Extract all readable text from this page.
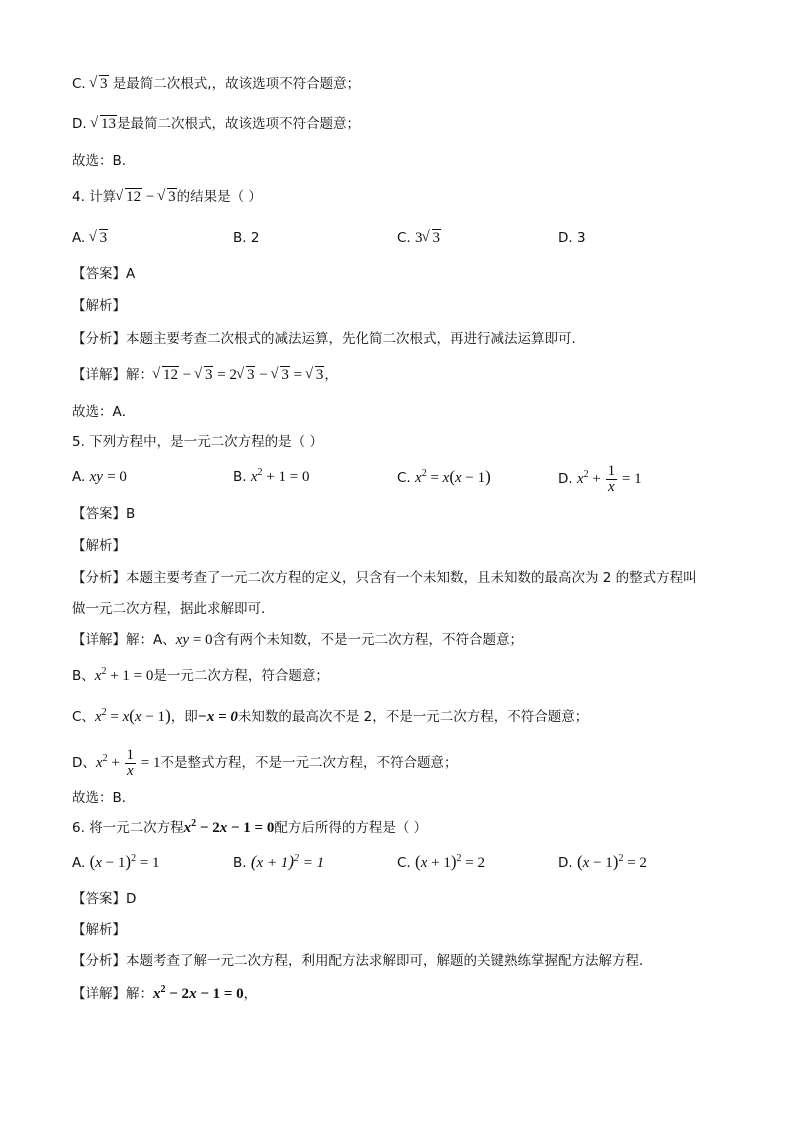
C. √ 3 是最简二次根式,，故该选项不符合题意；
D. √ 13是最简二次根式，故该选项不符合题意；
故选：B.
4. 计算 √ 12 − √ 3的结果是（ ）
A. √ 3	B. 2	C. 3 √ 3	D. 3
【答案】A
【解析】
【分析】本题主要考查二次根式的减法运算，先化简二次根式，再进行减法运算即可．
【详解】解： √ 12 − √ 3 = 2 √ 3 − √ 3 = √ 3，
故选：A．
5. 下列方程中，是一元二次方程的是（ ）
A. xy = 0	B. $x^2 + 1 = 0$	C. $x^2 = x(x - 1)$	D. $x^2 + \frac{1}{x} = 1$
【答案】B
【解析】
【分析】本题主要考查了一元二次方程的定义，只含有一个未知数，且未知数的最高次为 2 的整式方程叫
做一元二次方程，据此求解即可．
【详解】解：A、xy = 0含有两个未知数，不是一元二次方程，不符合题意；
B、$x^2 + 1 = 0$是一元二次方程，符合题意；
C、$x^2 = x(x - 1)$，即−x = 0未知数的最高次不是 2，不是一元二次方程，不符合题意；
D、$x^2 + \frac{1}{x} = 1$不是整式方程，不是一元二次方程，不符合题意；
故选：B．
6. 将一元二次方程$x^2 - 2x - 1 = 0$配方后所得的方程是（ ）
A. $(x - 1)^2 = 1$	B. $(x + 1)^2 = 1$	C. $(x + 1)^2 = 2$	D. $(x - 1)^2 = 2$
【答案】D
【解析】
【分析】本题考查了解一元二次方程，利用配方法求解即可，解题的关键熟练掌握配方法解方程．
【详解】解：$x^2 - 2x - 1 = 0$，
